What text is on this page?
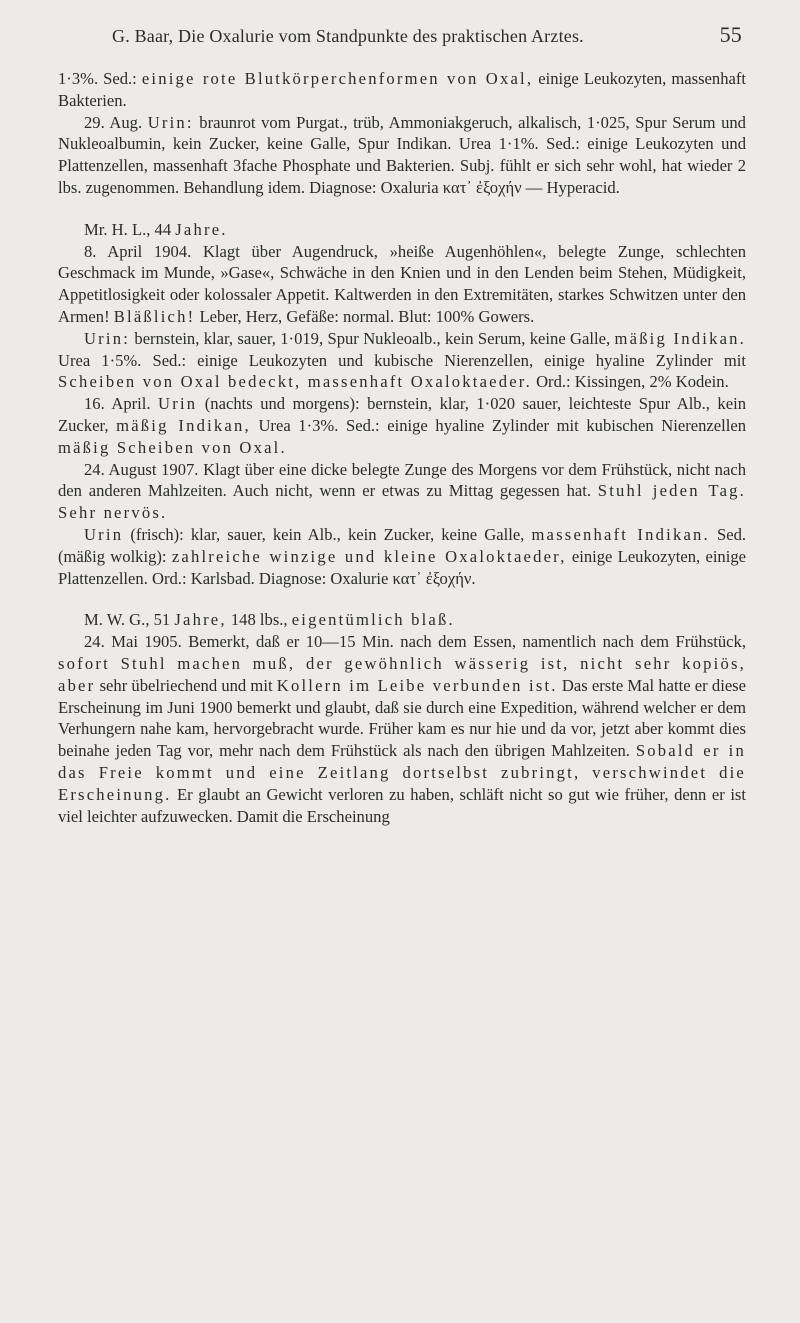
G. Baar, Die Oxalurie vom Standpunkte des praktischen Arztes.	55

1·3%. Sed.: einige rote Blutkörperchenformen von Oxal, einige Leukozyten, massenhaft Bakterien.

29. Aug. Urin: braunrot vom Purgat., trüb, Ammoniakgeruch, alkalisch, 1·025, Spur Serum und Nukleoalbumin, kein Zucker, keine Galle, Spur Indikan. Urea 1·1%. Sed.: einige Leukozyten und Plattenzellen, massenhaft 3fache Phosphate und Bakterien. Subj. fühlt er sich sehr wohl, hat wieder 2 lbs. zugenommen. Behandlung idem. Diagnose: Oxaluria κατ᾽ ἐξοχήν — Hyperacid.

Mr. H. L., 44 Jahre.

8. April 1904. Klagt über Augendruck, »heiße Augenhöhlen«, belegte Zunge, schlechten Geschmack im Munde, »Gase«, Schwäche in den Knien und in den Lenden beim Stehen, Müdigkeit, Appetitlosigkeit oder kolossaler Appetit. Kaltwerden in den Extremitäten, starkes Schwitzen unter den Armen! Bläßlich! Leber, Herz, Gefäße: normal. Blut: 100% Gowers.

Urin: bernstein, klar, sauer, 1·019, Spur Nukleoalb., kein Serum, keine Galle, mäßig Indikan. Urea 1·5%. Sed.: einige Leukozyten und kubische Nierenzellen, einige hyaline Zylinder mit Scheiben von Oxal bedeckt, massenhaft Oxaloktaeder. Ord.: Kissingen, 2% Kodein.

16. April. Urin (nachts und morgens): bernstein, klar, 1·020 sauer, leichteste Spur Alb., kein Zucker, mäßig Indikan, Urea 1·3%. Sed.: einige hyaline Zylinder mit kubischen Nierenzellen mäßig Scheiben von Oxal.

24. August 1907. Klagt über eine dicke belegte Zunge des Morgens vor dem Frühstück, nicht nach den anderen Mahlzeiten. Auch nicht, wenn er etwas zu Mittag gegessen hat. Stuhl jeden Tag. Sehr nervös.

Urin (frisch): klar, sauer, kein Alb., kein Zucker, keine Galle, massenhaft Indikan. Sed. (mäßig wolkig): zahlreiche winzige und kleine Oxaloktaeder, einige Leukozyten, einige Plattenzellen. Ord.: Karlsbad. Diagnose: Oxalurie κατ᾽ ἐξοχήν.

M. W. G., 51 Jahre, 148 lbs., eigentümlich blaß.

24. Mai 1905. Bemerkt, daß er 10—15 Min. nach dem Essen, namentlich nach dem Frühstück, sofort Stuhl machen muß, der gewöhnlich wässerig ist, nicht sehr kopiös, aber sehr übelriechend und mit Kollern im Leibe verbunden ist. Das erste Mal hatte er diese Erscheinung im Juni 1900 bemerkt und glaubt, daß sie durch eine Expedition, während welcher er dem Verhungern nahe kam, hervorgebracht wurde. Früher kam es nur hie und da vor, jetzt aber kommt dies beinahe jeden Tag vor, mehr nach dem Frühstück als nach den übrigen Mahlzeiten. Sobald er in das Freie kommt und eine Zeitlang dortselbst zubringt, verschwindet die Erscheinung. Er glaubt an Gewicht verloren zu haben, schläft nicht so gut wie früher, denn er ist viel leichter aufzuwecken. Damit die Erscheinung
